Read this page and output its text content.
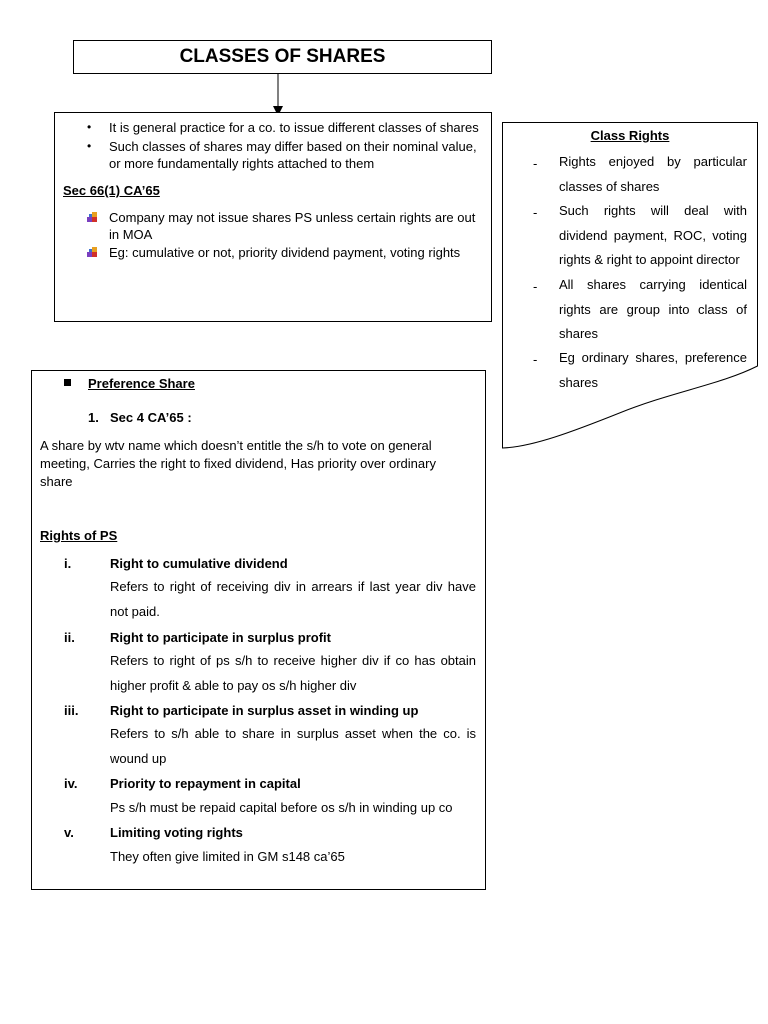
CLASSES OF SHARES
• It is general practice for a co. to issue different classes of shares
• Such classes of shares may differ based on their nominal value, or more fundamentally rights attached to them
Sec 66(1) CA’65
Company may not issue shares PS unless certain rights are out in MOA
Eg: cumulative or not, priority dividend payment, voting rights
Class Rights
- Rights enjoyed by particular classes of shares
- Such rights will deal with dividend payment, ROC, voting rights & right to appoint director
- All shares carrying identical rights are group into class of shares
- Eg ordinary shares, preference shares
Preference Share
1. Sec 4 CA’65 :
A share by wtv name which doesn’t entitle the s/h to vote on general meeting, Carries the right to fixed dividend, Has priority over ordinary share
Rights of PS
i.	Right to cumulative dividend
Refers to right of receiving div in arrears if last year div have not paid.
ii.	Right to participate in surplus profit
Refers to right of ps s/h to receive higher div if co has obtain higher profit & able to pay os s/h higher div
iii. Right to participate in surplus asset in winding up
Refers to s/h able to share in surplus asset when the co. is wound up
iv.	Priority to repayment in capital
Ps s/h must be repaid capital before os s/h in winding up co
v.	Limiting voting rights
They often give limited in GM s148 ca’65
